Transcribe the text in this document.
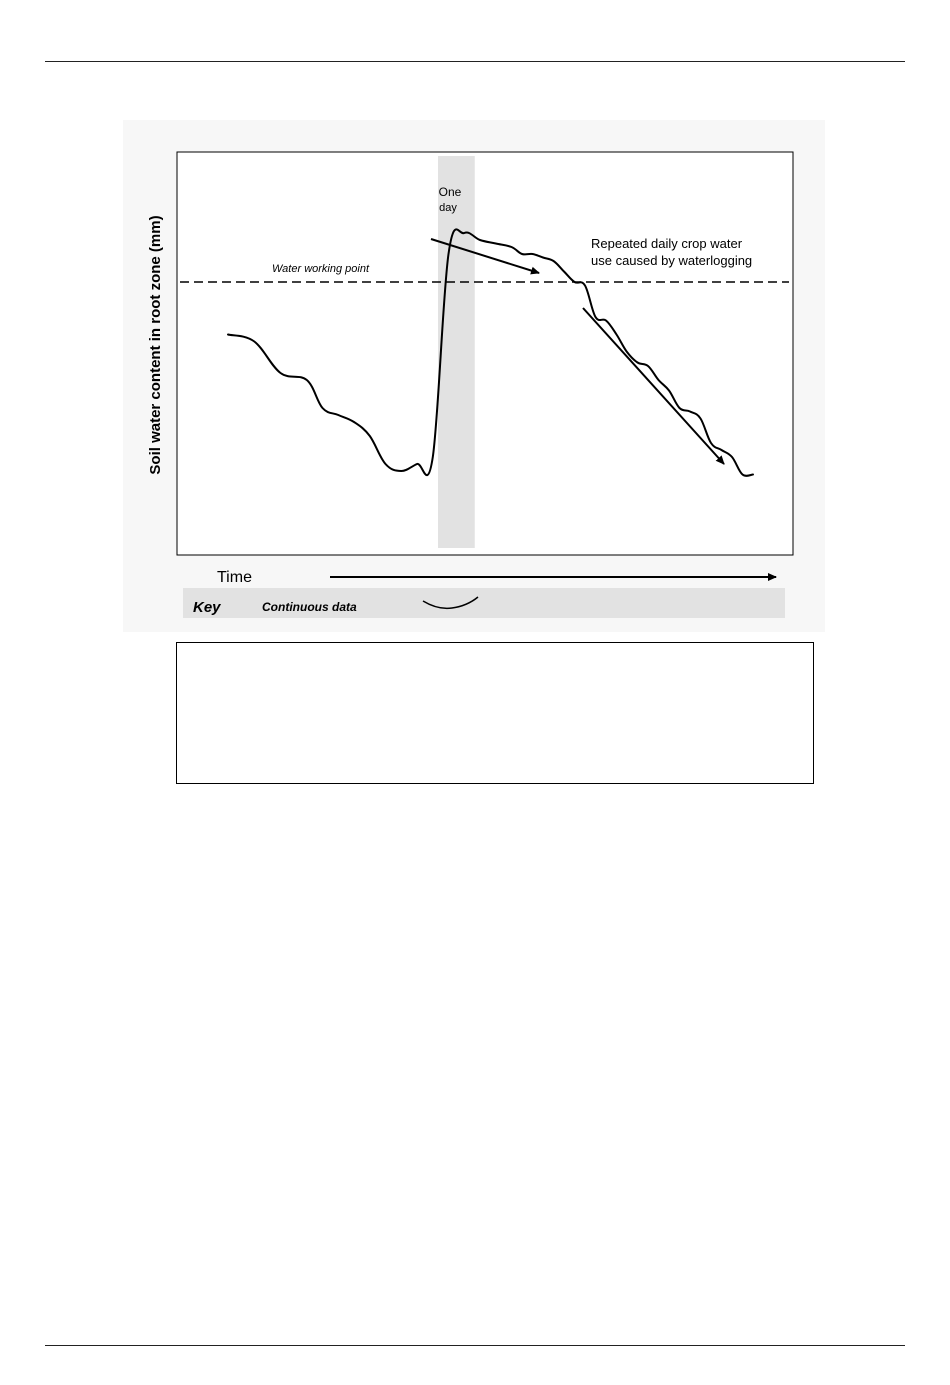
One
day
Water working point
Repeated daily crop water
use caused by waterlogging
Soil water content in root zone (mm)
Time
Key	Continuous data
